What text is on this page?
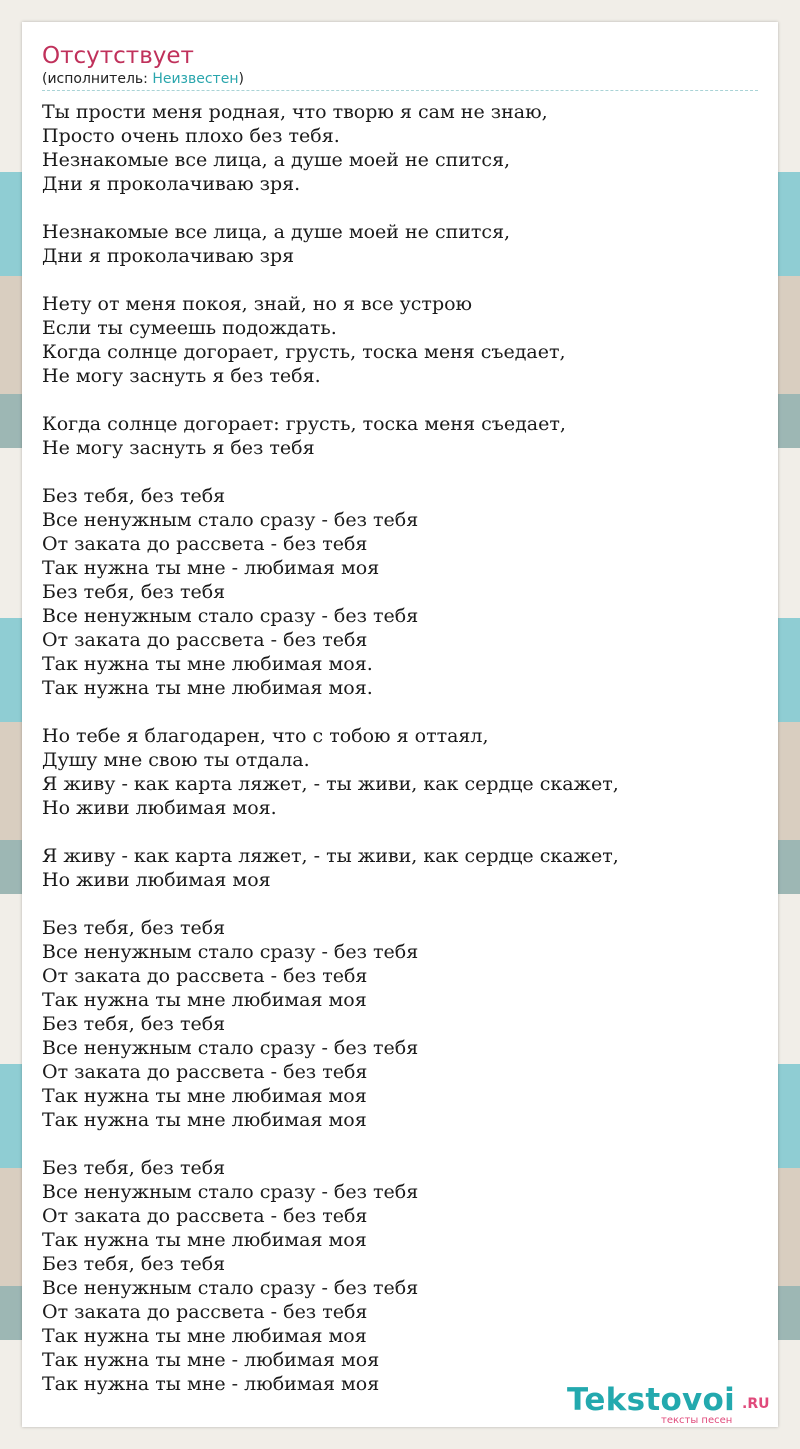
Отсутствует
(исполнитель: Неизвестен)
Ты прости меня родная, что творю я сам не знаю,
Просто очень плохо без тебя.
Незнакомые все лица, а душе моей не спится,
Дни я проколачиваю зря.
Незнакомые все лица, а душе моей не спится,
Дни я проколачиваю зря
Нету от меня покоя, знай, но я все устрою
Если ты сумеешь подождать.
Когда солнце догорает, грусть, тоска меня съедает,
Не могу заснуть я без тебя.
Когда солнце догорает: грусть, тоска меня съедает,
Не могу заснуть я без тебя
Без тебя, без тебя
Все ненужным стало сразу - без тебя
От заката до рассвета - без тебя
Так нужна ты мне - любимая моя
Без тебя, без тебя
Все ненужным стало сразу - без тебя
От заката до рассвета - без тебя
Так нужна ты мне любимая моя.
Так нужна ты мне любимая моя.
Но тебе я благодарен, что с тобою я оттаял,
Душу мне свою ты отдала.
Я живу - как карта ляжет, - ты живи, как сердце скажет,
Но живи любимая моя.
Я живу - как карта ляжет, - ты живи, как сердце скажет,
Но живи любимая моя
Без тебя, без тебя
Все ненужным стало сразу - без тебя
От заката до рассвета - без тебя
Так нужна ты мне любимая моя
Без тебя, без тебя
Все ненужным стало сразу - без тебя
От заката до рассвета - без тебя
Так нужна ты мне любимая моя
Так нужна ты мне любимая моя
Без тебя, без тебя
Все ненужным стало сразу - без тебя
От заката до рассвета - без тебя
Так нужна ты мне любимая моя
Без тебя, без тебя
Все ненужным стало сразу - без тебя
От заката до рассвета - без тебя
Так нужна ты мне любимая моя
Так нужна ты мне - любимая моя
Так нужна ты мне - любимая моя	Tekstovoi .RU
тексты песен
